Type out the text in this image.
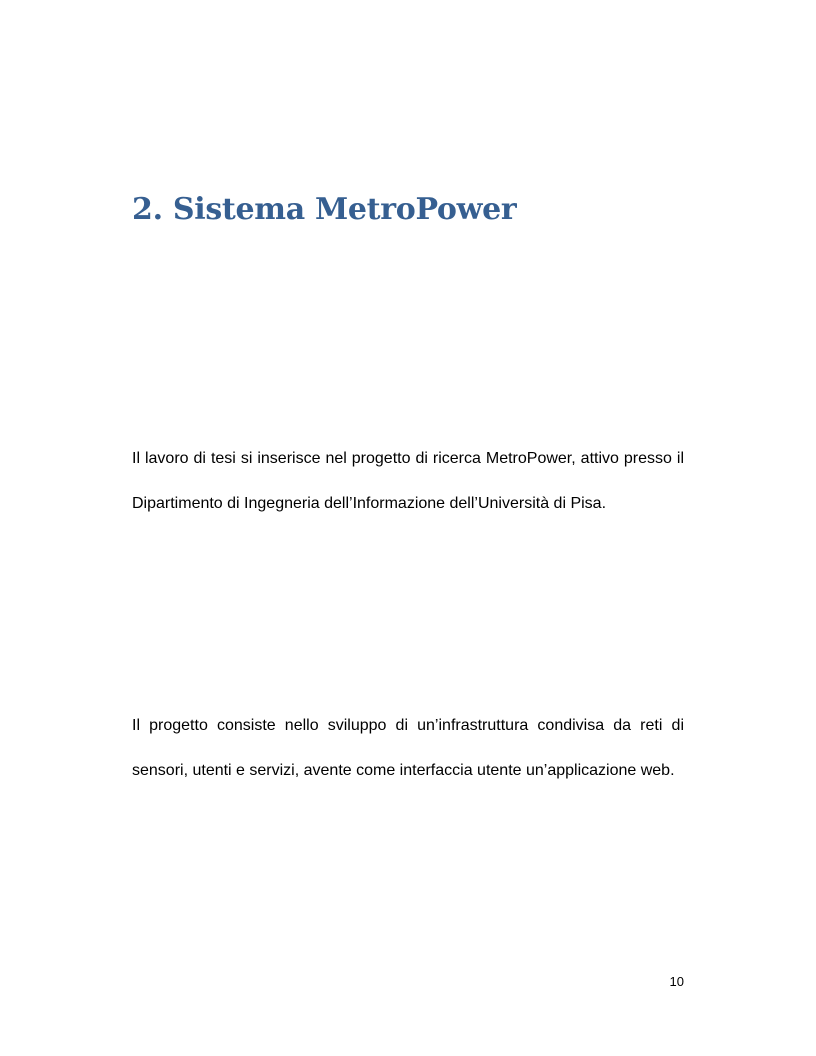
2. Sistema MetroPower

Il lavoro di tesi si inserisce nel progetto di ricerca MetroPower, attivo presso il Dipartimento di Ingegneria dell’Informazione dell’Università di Pisa.

Il progetto consiste nello sviluppo di un’infrastruttura condivisa da reti di sensori, utenti e servizi, avente come interfaccia utente un’applicazione web.

10
